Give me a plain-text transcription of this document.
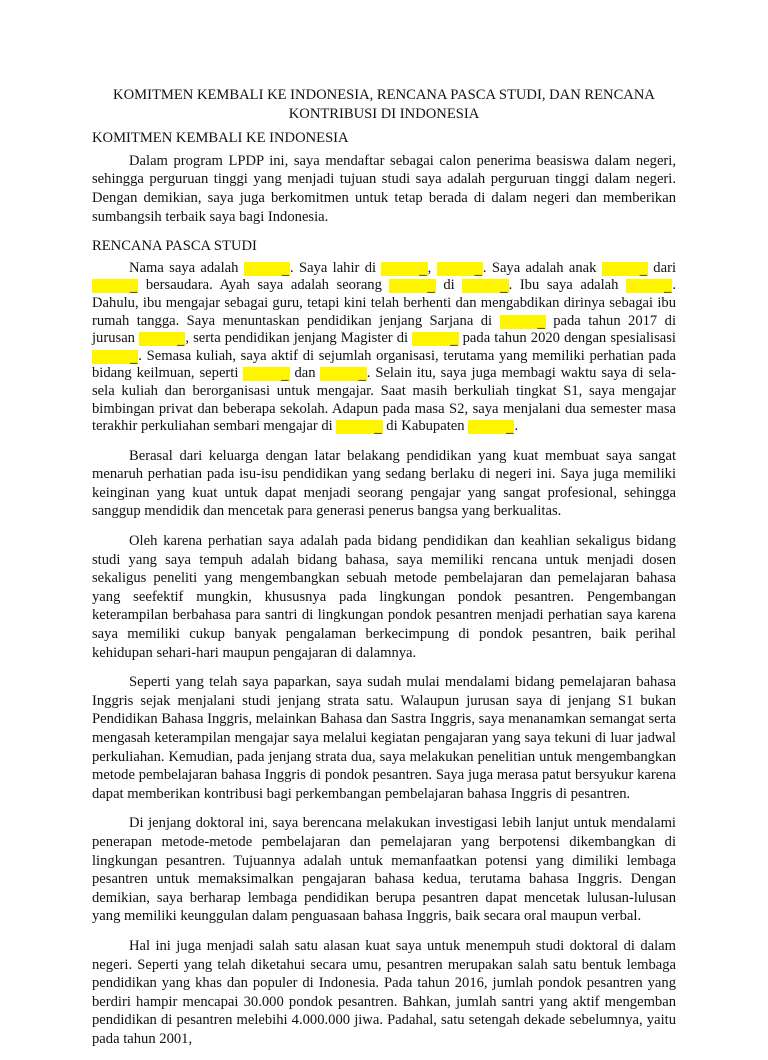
KOMITMEN KEMBALI KE INDONESIA, RENCANA PASCA STUDI, DAN RENCANA KONTRIBUSI DI INDONESIA
KOMITMEN KEMBALI KE INDONESIA

Dalam program LPDP ini, saya mendaftar sebagai calon penerima beasiswa dalam negeri, sehingga perguruan tinggi yang menjadi tujuan studi saya adalah perguruan tinggi dalam negeri. Dengan demikian, saya juga berkomitmen untuk tetap berada di dalam negeri dan memberikan sumbangsih terbaik saya bagi Indonesia.

RENCANA PASCA STUDI

Nama saya adalah	_. Saya lahir di	_,	_. Saya adalah anak	_ dari _ bersaudara. Ayah saya adalah seorang	_ di	_. Ibu saya adalah	_. Dahulu, ibu mengajar sebagai guru, tetapi kini telah berhenti dan mengabdikan dirinya sebagai ibu rumah tangga. Saya menuntaskan pendidikan jenjang Sarjana di	_ pada tahun 2017 di jurusan	_, serta pendidikan jenjang Magister di	_ pada tahun 2020 dengan spesialisasi _. Semasa kuliah, saya aktif di sejumlah organisasi, terutama yang memiliki perhatian pada bidang keilmuan, seperti	_ dan	_. Selain itu, saya juga membagi waktu saya di sela-sela kuliah dan berorganisasi untuk mengajar. Saat masih berkuliah tingkat S1, saya mengajar bimbingan privat dan beberapa sekolah. Adapun pada masa S2, saya menjalani dua semester masa terakhir perkuliahan sembari mengajar di	_ di Kabupaten	_.

Berasal dari keluarga dengan latar belakang pendidikan yang kuat membuat saya sangat menaruh perhatian pada isu-isu pendidikan yang sedang berlaku di negeri ini. Saya juga memiliki keinginan yang kuat untuk dapat menjadi seorang pengajar yang sangat profesional, sehingga sanggup mendidik dan mencetak para generasi penerus bangsa yang berkualitas.

Oleh karena perhatian saya adalah pada bidang pendidikan dan keahlian sekaligus bidang studi yang saya tempuh adalah bidang bahasa, saya memiliki rencana untuk menjadi dosen sekaligus peneliti yang mengembangkan sebuah metode pembelajaran dan pemelajaran bahasa yang seefektif mungkin, khususnya pada lingkungan pondok pesantren. Pengembangan keterampilan berbahasa para santri di lingkungan pondok pesantren menjadi perhatian saya karena saya memiliki cukup banyak pengalaman berkecimpung di pondok pesantren, baik perihal kehidupan sehari-hari maupun pengajaran di dalamnya.

Seperti yang telah saya paparkan, saya sudah mulai mendalami bidang pemelajaran bahasa Inggris sejak menjalani studi jenjang strata satu. Walaupun jurusan saya di jenjang S1 bukan Pendidikan Bahasa Inggris, melainkan Bahasa dan Sastra Inggris, saya menanamkan semangat serta mengasah keterampilan mengajar saya melalui kegiatan pengajaran yang saya tekuni di luar jadwal perkuliahan. Kemudian, pada jenjang strata dua, saya melakukan penelitian untuk mengembangkan metode pembelajaran bahasa Inggris di pondok pesantren. Saya juga merasa patut bersyukur karena dapat memberikan kontribusi bagi perkembangan pembelajaran bahasa Inggris di pesantren.

Di jenjang doktoral ini, saya berencana melakukan investigasi lebih lanjut untuk mendalami penerapan metode-metode pembelajaran dan pemelajaran yang berpotensi dikembangkan di lingkungan pesantren. Tujuannya adalah untuk memanfaatkan potensi yang dimiliki lembaga pesantren untuk memaksimalkan pengajaran bahasa kedua, terutama bahasa Inggris. Dengan demikian, saya berharap lembaga pendidikan berupa pesantren dapat mencetak lulusan-lulusan yang memiliki keunggulan dalam penguasaan bahasa Inggris, baik secara oral maupun verbal.

Hal ini juga menjadi salah satu alasan kuat saya untuk menempuh studi doktoral di dalam negeri. Seperti yang telah diketahui secara umu, pesantren merupakan salah satu bentuk lembaga pendidikan yang khas dan populer di Indonesia. Pada tahun 2016, jumlah pondok pesantren yang berdiri hampir mencapai 30.000 pondok pesantren. Bahkan, jumlah santri yang aktif mengemban pendidikan di pesantren melebihi 4.000.000 jiwa. Padahal, satu setengah dekade sebelumnya, yaitu pada tahun 2001,
